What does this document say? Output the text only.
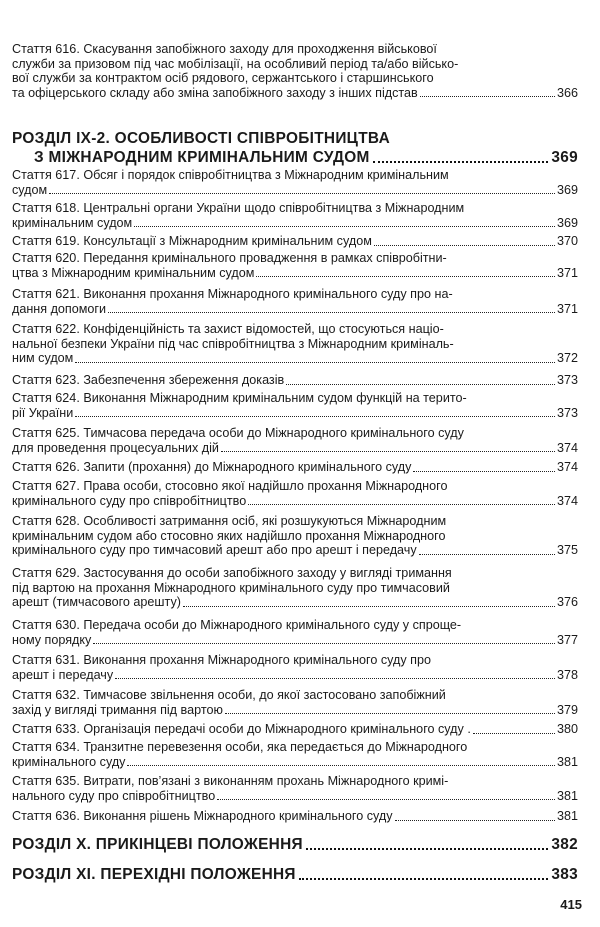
Стаття 616. Скасування запобіжного заходу для проходження військової
служби за призовом під час мобілізації, на особливий період та/або військо-
вої служби за контрактом осіб рядового, сержантського і старшинського
та офіцерського складу або зміна запобіжного заходу з інших підстав	366
РОЗДІЛ IX-2. ОСОБЛИВОСТІ СПІВРОБІТНИЦТВА
З МІЖНАРОДНИМ КРИМІНАЛЬНИМ СУДОМ	369
Стаття 617. Обсяг і порядок співробітництва з Міжнародним кримінальним
судом	369
Стаття 618. Центральні органи України щодо співробітництва з Міжнародним
кримінальним судом	369
Стаття 619. Консультації з Міжнародним кримінальним судом	370
Стаття 620. Передання кримінального провадження в рамках співробітни-
цтва з Міжнародним кримінальним судом	371
Стаття 621. Виконання прохання Міжнародного кримінального суду про на-
дання допомоги	371
Стаття 622. Конфіденційність та захист відомостей, що стосуються націо-
нальної безпеки України під час співробітництва з Міжнародним криміналь-
ним судом	372
Стаття 623. Забезпечення збереження доказів	373
Стаття 624. Виконання Міжнародним кримінальним судом функцій на терито-
рії України	373
Стаття 625. Тимчасова передача особи до Міжнародного кримінального суду
для проведення процесуальних дій	374
Стаття 626. Запити (прохання) до Міжнародного кримінального суду	374
Стаття 627. Права особи, стосовно якої надійшло прохання Міжнародного
кримінального суду про співробітництво	374
Стаття 628. Особливості затримання осіб, які розшукуються Міжнародним
кримінальним судом або стосовно яких надійшло прохання Міжнародного
кримінального суду про тимчасовий арешт або про арешт і передачу	375
Стаття 629. Застосування до особи запобіжного заходу у вигляді тримання
під вартою на прохання Міжнародного кримінального суду про тимчасовий
арешт (тимчасового арешту)	376
Стаття 630. Передача особи до Міжнародного кримінального суду у спроще-
ному порядку	377
Стаття 631. Виконання прохання Міжнародного кримінального суду про
арешт і передачу	378
Стаття 632. Тимчасове звільнення особи, до якої застосовано запобіжний
захід у вигляді тримання під вартою	379
Стаття 633. Організація передачі особи до Міжнародного кримінального суду .	380
Стаття 634. Транзитне перевезення особи, яка передається до Міжнародного
кримінального суду	381
Стаття 635. Витрати, пов’язані з виконанням прохань Міжнародного кримі-
нального суду про співробітництво	381
Стаття 636. Виконання рішень Міжнародного кримінального суду	381
РОЗДІЛ X. ПРИКІНЦЕВІ ПОЛОЖЕННЯ	382
РОЗДІЛ XI. ПЕРЕХІДНІ ПОЛОЖЕННЯ	383
415
